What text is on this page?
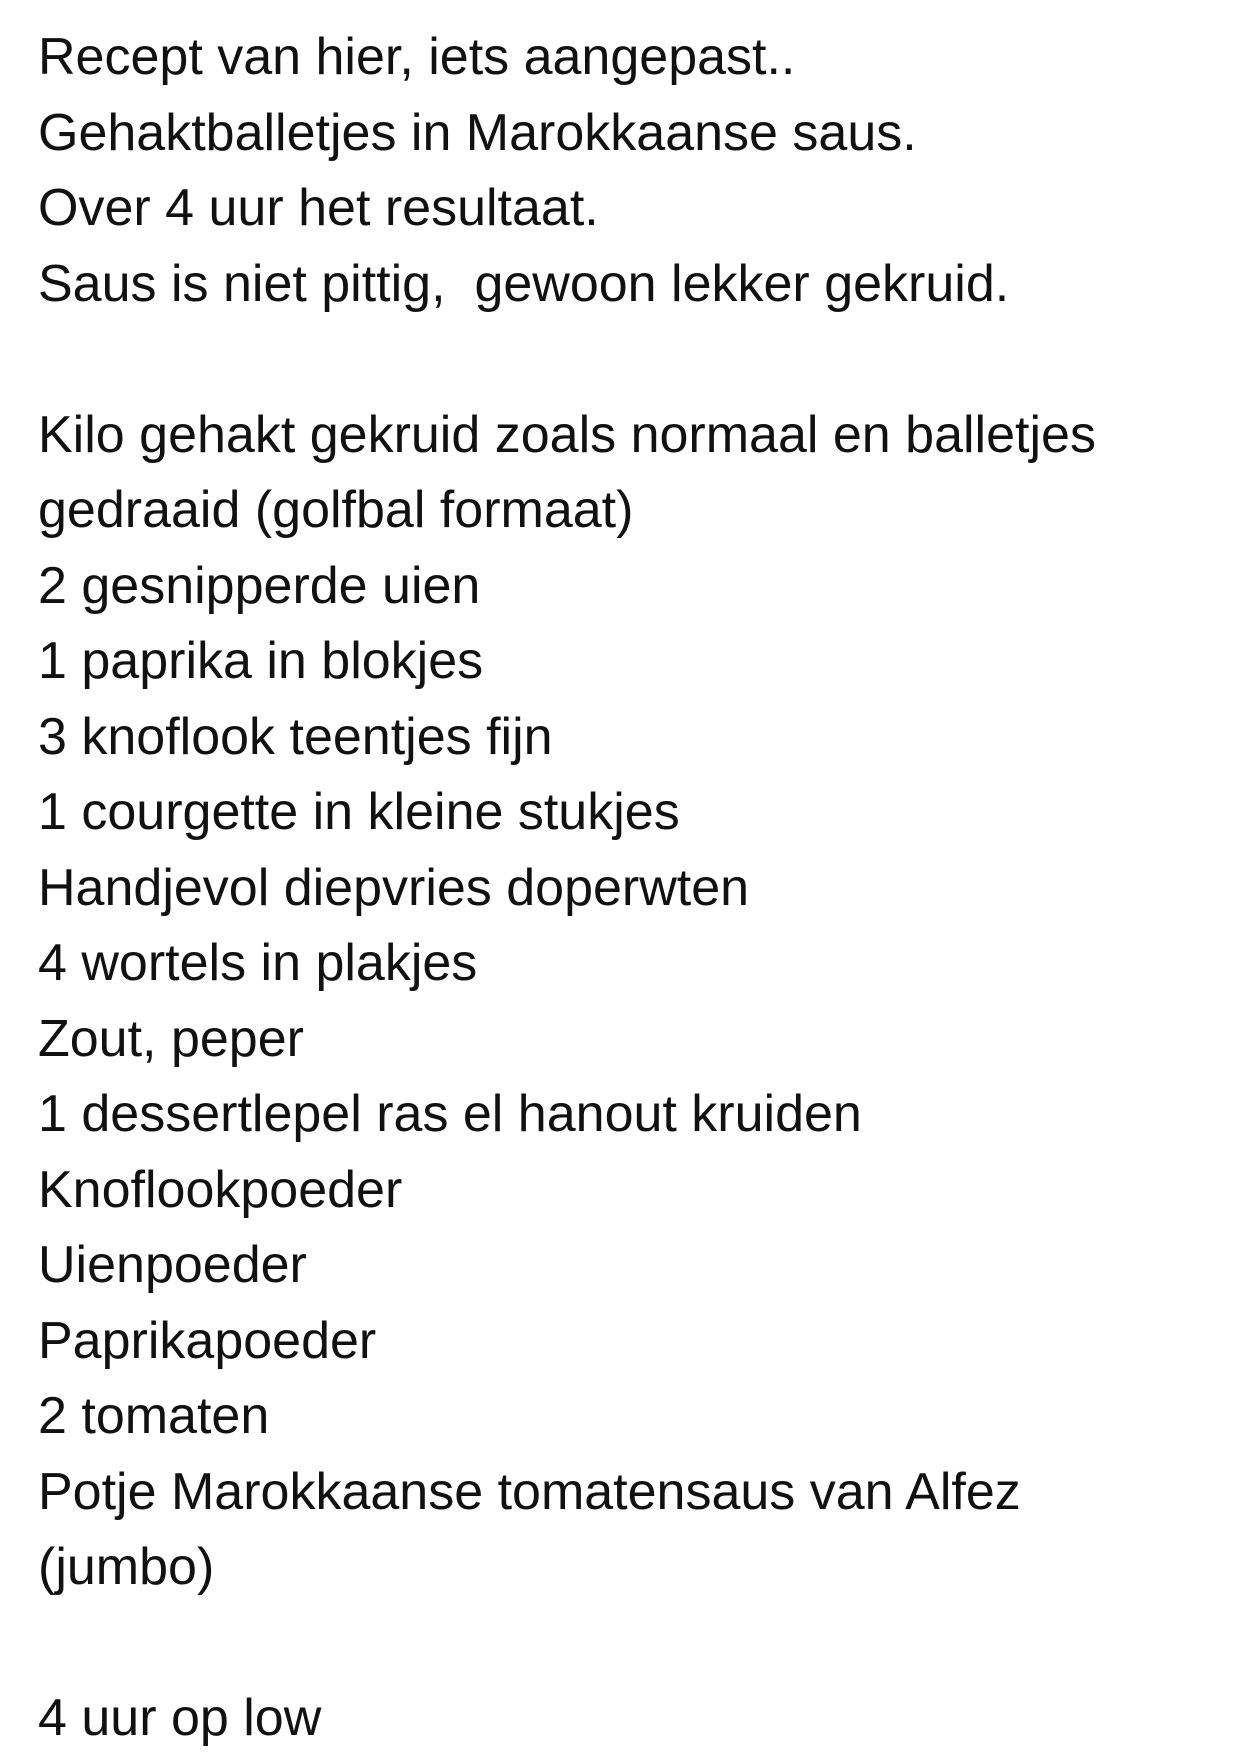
Recept van hier, iets aangepast..
Gehaktballetjes in Marokkaanse saus.
Over 4 uur het resultaat.
Saus is niet pittig,  gewoon lekker gekruid.
Kilo gehakt gekruid zoals normaal en balletjes
gedraaid (golfbal formaat)
2 gesnipperde uien
1 paprika in blokjes
3 knoflook teentjes fijn
1 courgette in kleine stukjes
Handjevol diepvries doperwten
4 wortels in plakjes
Zout, peper
1 dessertlepel ras el hanout kruiden
Knoflookpoeder
Uienpoeder
Paprikapoeder
2 tomaten
Potje Marokkaanse tomatensaus van Alfez
(jumbo)
4 uur op low
